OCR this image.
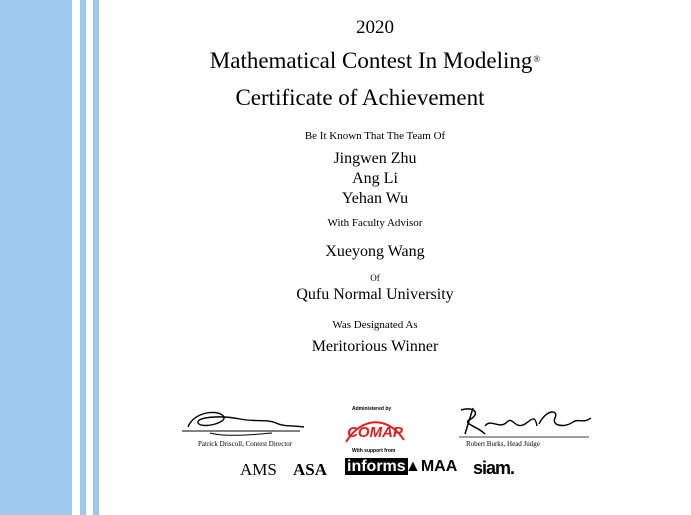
2020
Mathematical Contest In Modeling®
Certificate of Achievement
Be It Known That The Team Of
Jingwen Zhu
Ang Li
Yehan Wu
With Faculty Advisor
Xueyong Wang
Of
Qufu Normal University
Was Designated As
Meritorious Winner
Patrick Driscoll, Contest Director	Robert Burks, Head Judge
Administered by
COMAP
With support from
AMS ASA informs ▲MAA siam.
